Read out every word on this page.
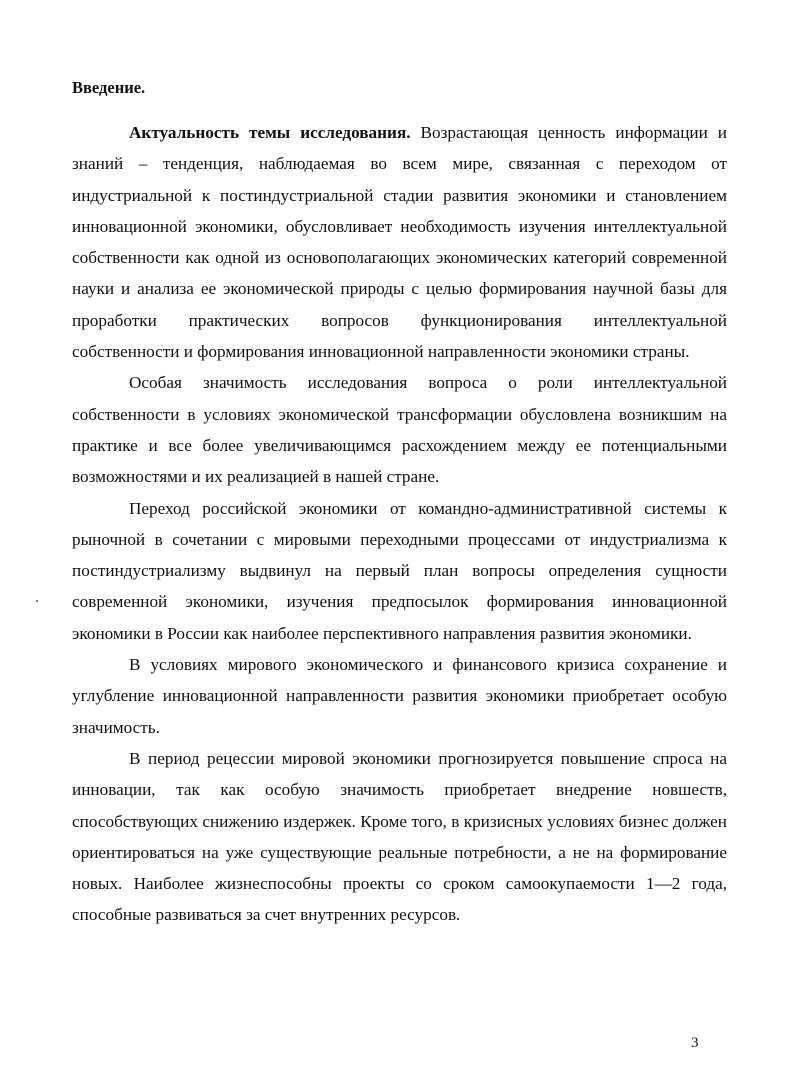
Введение.

Актуальность темы исследования. Возрастающая ценность информации и знаний – тенденция, наблюдаемая во всем мире, связанная с переходом от индустриальной к постиндустриальной стадии развития экономики и становлением инновационной экономики, обусловливает необходимость изучения интеллектуальной собственности как одной из основополагающих экономических категорий современной науки и анализа ее экономической природы с целью формирования научной базы для проработки практических вопросов функционирования интеллектуальной собственности и формирования инновационной направленности экономики страны.

Особая значимость исследования вопроса о роли интеллектуальной собственности в условиях экономической трансформации обусловлена возникшим на практике и все более увеличивающимся расхождением между ее потенциальными возможностями и их реализацией в нашей стране.

Переход российской экономики от командно-административной системы к рыночной в сочетании с мировыми переходными процессами от индустриализма к постиндустриализму выдвинул на первый план вопросы определения сущности современной экономики, изучения предпосылок формирования инновационной экономики в России как наиболее перспективного направления развития экономики.

В условиях мирового экономического и финансового кризиса сохранение и углубление инновационной направленности развития экономики приобретает особую значимость.

В период рецессии мировой экономики прогнозируется повышение спроса на инновации, так как особую значимость приобретает внедрение новшеств, способствующих снижению издержек. Кроме того, в кризисных условиях бизнес должен ориентироваться на уже существующие реальные потребности, а не на формирование новых. Наиболее жизнеспособны проекты со сроком самоокупаемости 1—2 года, способные развиваться за счет внутренних ресурсов.

3
